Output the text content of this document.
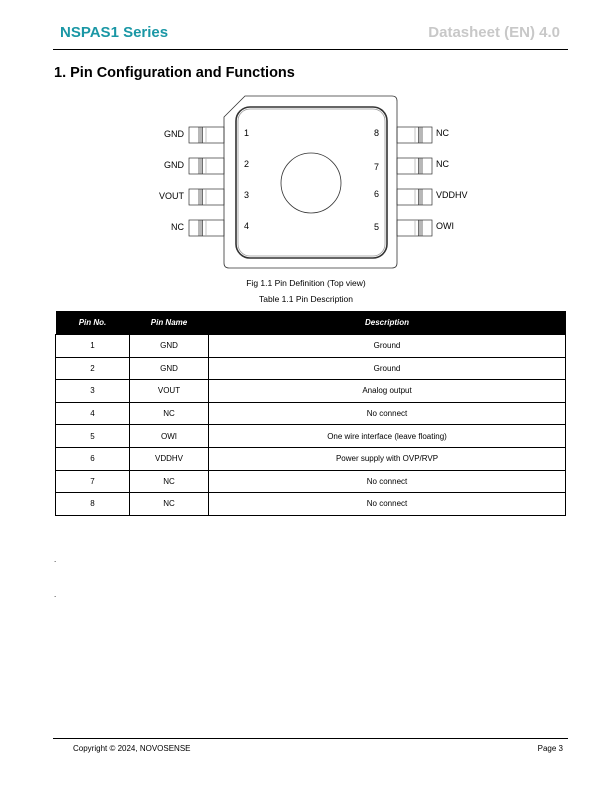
NSPAS1 Series	Datasheet (EN) 4.0
1. Pin Configuration and Functions
GND	1	NC
8
GND	2	NC
7
VOUT	3	VDDHV
6
NC	4	OWI
5
Fig 1.1 Pin Definition (Top view)
Table 1.1 Pin Description
Pin No.	Pin Name	Description
1	GND	Ground
2	GND	Ground
3	VOUT	Analog output
4	NC	No connect
5	OWI	One wire interface (leave floating)
6	VDDHV	Power supply with OVP/RVP
7	NC	No connect
8	NC	No connect
.
.
Copyright © 2024, NOVOSENSE	Page 3
